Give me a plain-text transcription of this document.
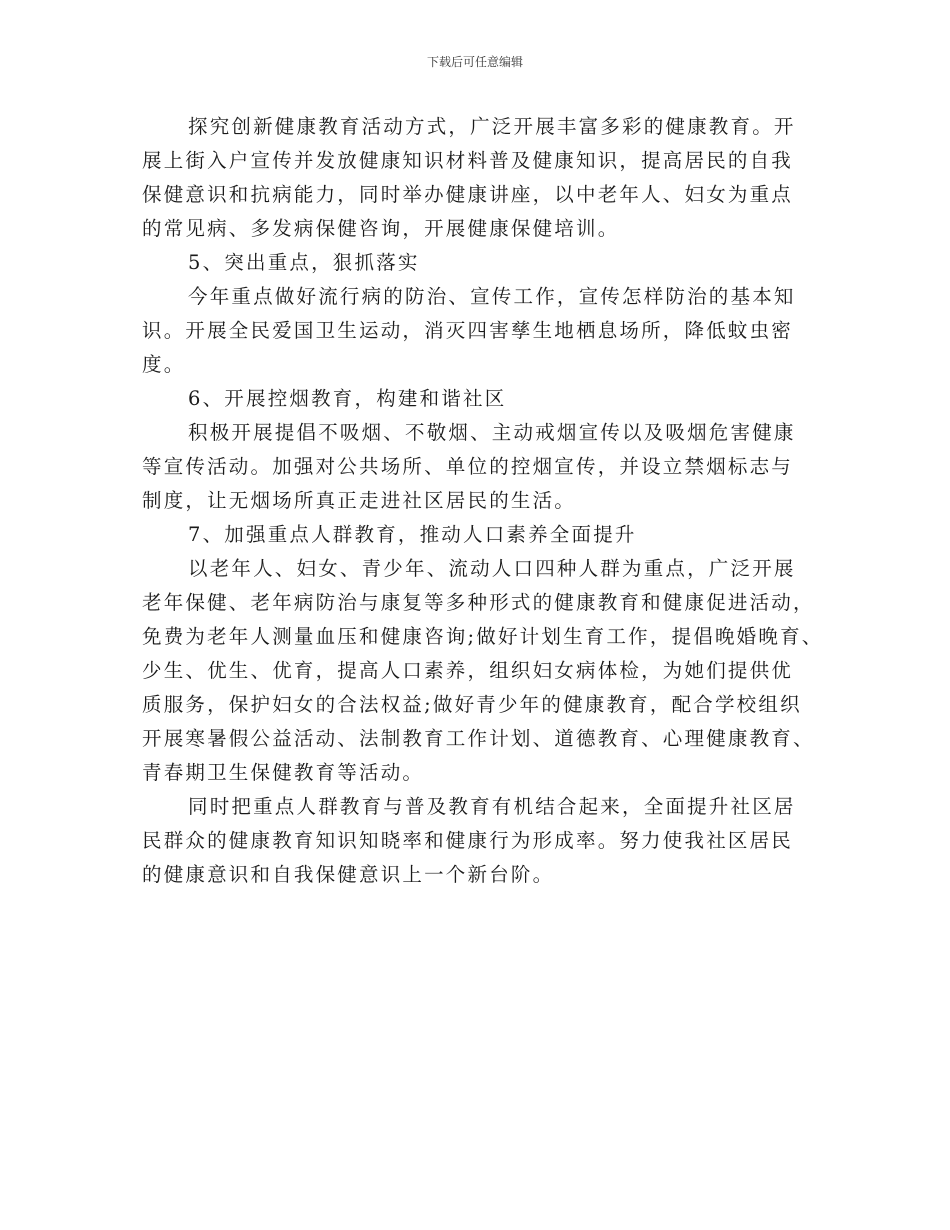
下载后可任意编辑

探究创新健康教育活动方式，广泛开展丰富多彩的健康教育。开
展上街入户宣传并发放健康知识材料普及健康知识，提高居民的自我
保健意识和抗病能力，同时举办健康讲座，以中老年人、妇女为重点
的常见病、多发病保健咨询，开展健康保健培训。

5、突出重点，狠抓落实

今年重点做好流行病的防治、宣传工作，宣传怎样防治的基本知
识。开展全民爱国卫生运动，消灭四害孳生地栖息场所，降低蚊虫密
度。

6、开展控烟教育，构建和谐社区

积极开展提倡不吸烟、不敬烟、主动戒烟宣传以及吸烟危害健康
等宣传活动。加强对公共场所、单位的控烟宣传，并设立禁烟标志与
制度，让无烟场所真正走进社区居民的生活。

7、加强重点人群教育，推动人口素养全面提升

以老年人、妇女、青少年、流动人口四种人群为重点，广泛开展
老年保健、老年病防治与康复等多种形式的健康教育和健康促进活动，
免费为老年人测量血压和健康咨询;做好计划生育工作，提倡晚婚晚育、
少生、优生、优育，提高人口素养，组织妇女病体检，为她们提供优
质服务，保护妇女的合法权益;做好青少年的健康教育，配合学校组织
开展寒暑假公益活动、法制教育工作计划、道德教育、心理健康教育、
青春期卫生保健教育等活动。

同时把重点人群教育与普及教育有机结合起来，全面提升社区居
民群众的健康教育知识知晓率和健康行为形成率。努力使我社区居民
的健康意识和自我保健意识上一个新台阶。
